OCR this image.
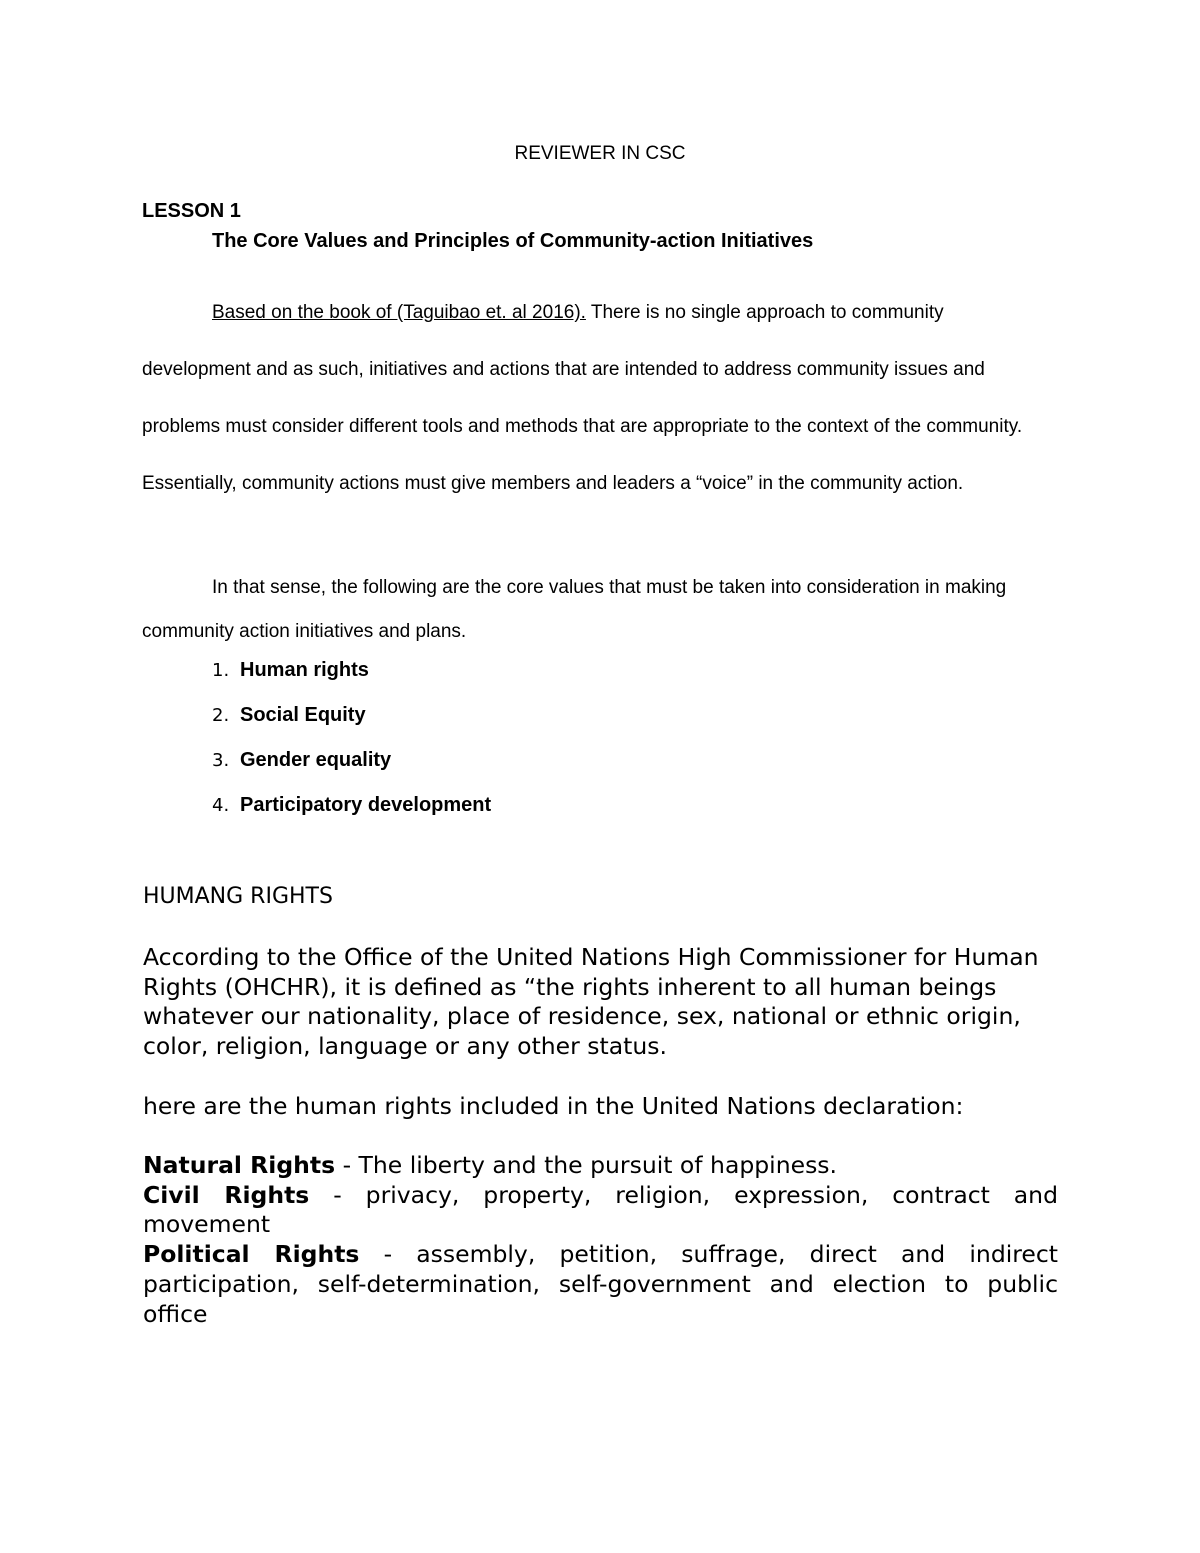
REVIEWER IN CSC

LESSON 1

The Core Values and Principles of Community-action Initiatives

Based on the book of (Taguibao et. al 2016). There is no single approach to community development and as such, initiatives and actions that are intended to address community issues and problems must consider different tools and methods that are appropriate to the context of the community. Essentially, community actions must give members and leaders a “voice” in the community action.

In that sense, the following are the core values that must be taken into consideration in making community action initiatives and plans.

1. Human rights
2. Social Equity
3. Gender equality
4. Participatory development

HUMANG RIGHTS

According to the Office of the United Nations High Commissioner for Human Rights (OHCHR), it is defined as “the rights inherent to all human beings whatever our nationality, place of residence, sex, national or ethnic origin, color, religion, language or any other status.

here are the human rights included in the United Nations declaration:

Natural Rights - The liberty and the pursuit of happiness.
Civil Rights - privacy, property, religion, expression, contract and movement
Political Rights - assembly, petition, suffrage, direct and indirect participation, self-determination, self-government and election to public office
